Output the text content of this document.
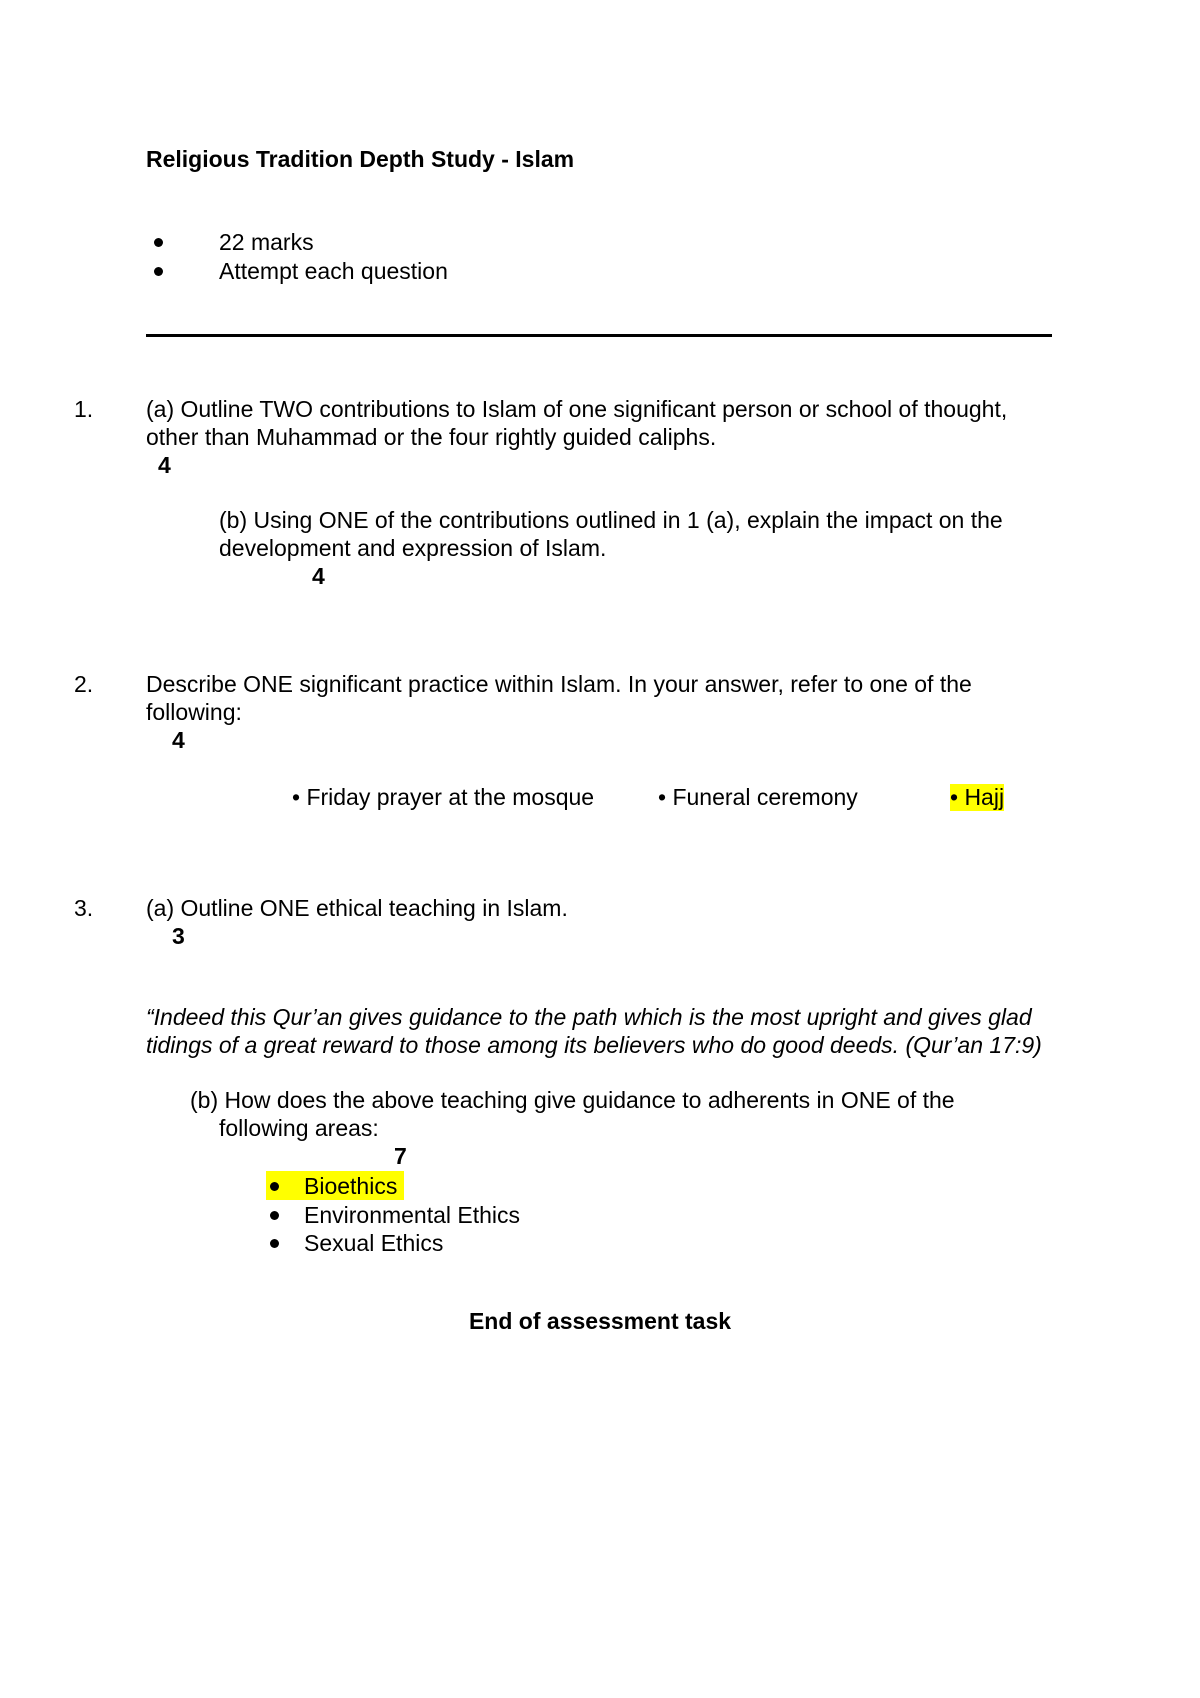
Religious Tradition Depth Study - Islam
22 marks
Attempt each question
1. (a) Outline TWO contributions to Islam of one significant person or school of thought,
other than Muhammad or the four rightly guided caliphs.
4
(b) Using ONE of the contributions outlined in 1 (a), explain the impact on the
development and expression of Islam.
4
2. Describe ONE significant practice within Islam. In your answer, refer to one of the
following:
4
• Friday prayer at the mosque	• Funeral ceremony	• Hajj
3. (a) Outline ONE ethical teaching in Islam.
3
“Indeed this Qur’an gives guidance to the path which is the most upright and gives glad
tidings of a great reward to those among its believers who do good deeds. (Qur’an 17:9)
(b) How does the above teaching give guidance to adherents in ONE of the
following areas:
7
Bioethics
Environmental Ethics
Sexual Ethics
End of assessment task
